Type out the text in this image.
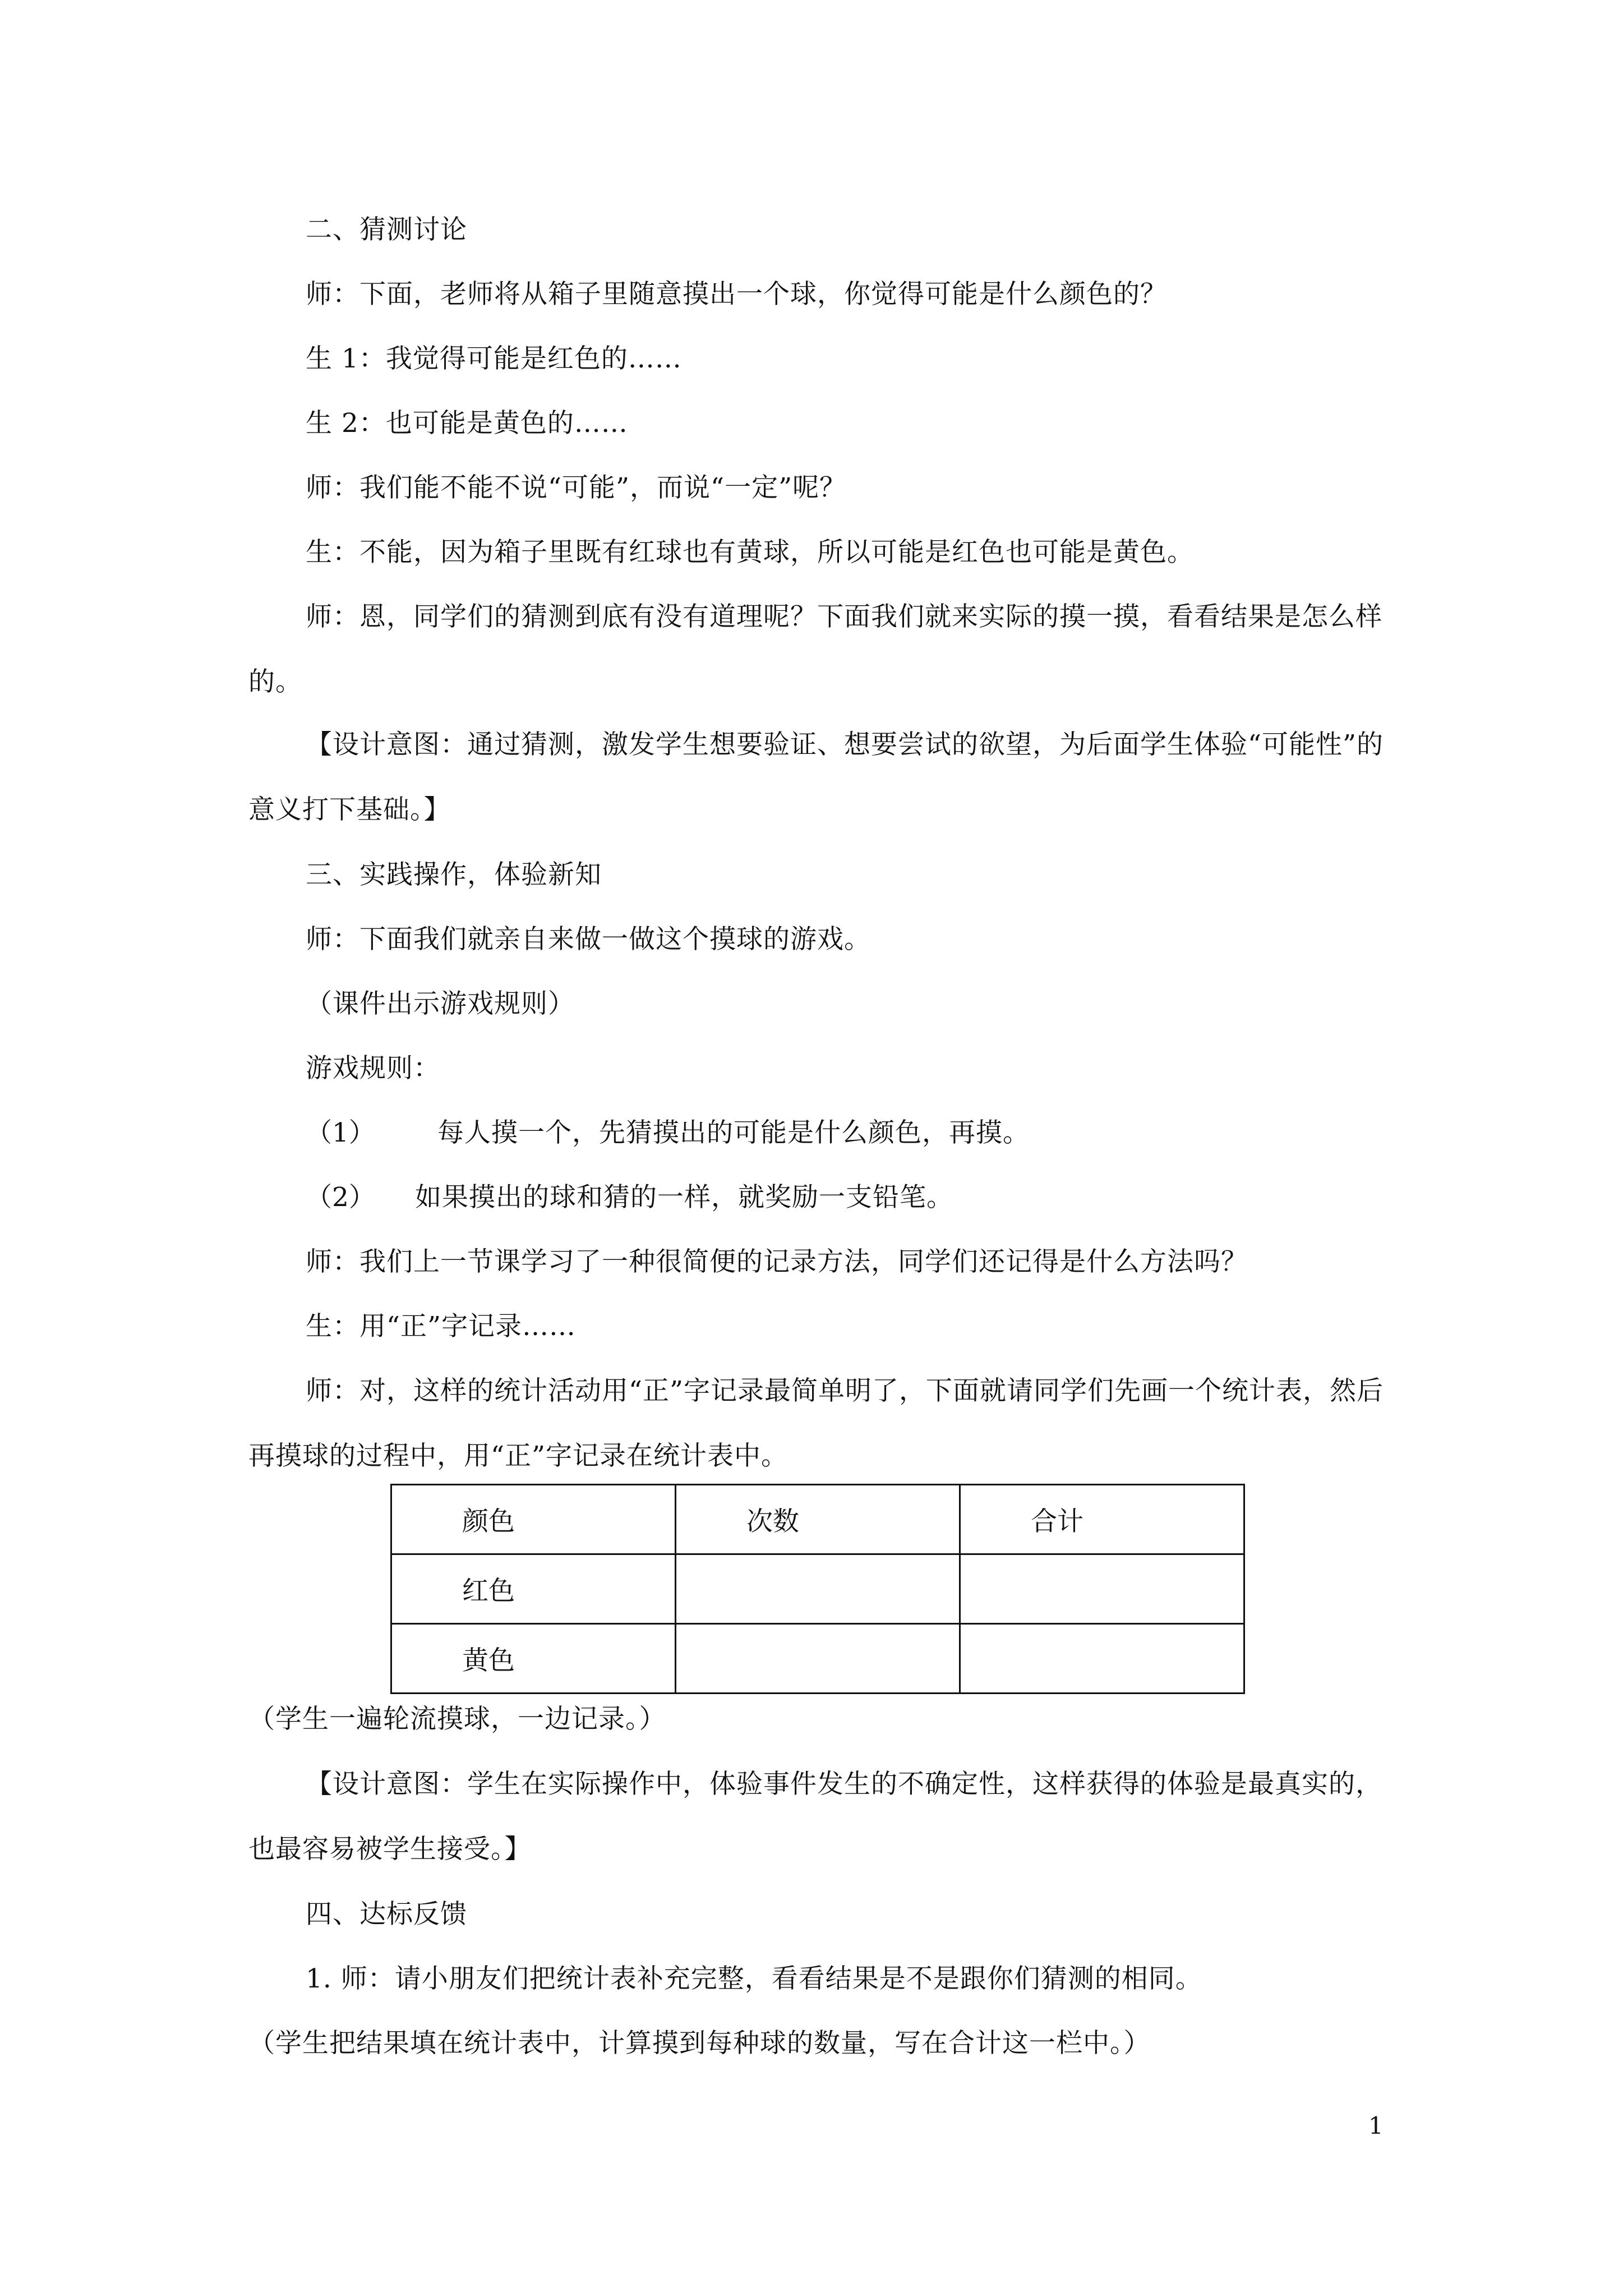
二、猜测讨论
师：下面，老师将从箱子里随意摸出一个球，你觉得可能是什么颜色的？
生 1：我觉得可能是红色的……
生 2：也可能是黄色的……
师：我们能不能不说“可能”，而说“一定”呢？
生：不能，因为箱子里既有红球也有黄球，所以可能是红色也可能是黄色。
师：恩，同学们的猜测到底有没有道理呢？下面我们就来实际的摸一摸，看看结果是怎么样的。
【设计意图：通过猜测，激发学生想要验证、想要尝试的欲望，为后面学生体验“可能性”的意义打下基础。】
三、实践操作，体验新知
师：下面我们就亲自来做一做这个摸球的游戏。
（课件出示游戏规则）
游戏规则：
（1） 每人摸一个，先猜摸出的可能是什么颜色，再摸。
（2） 如果摸出的球和猜的一样，就奖励一支铅笔。
师：我们上一节课学习了一种很简便的记录方法，同学们还记得是什么方法吗？
生：用“正”字记录……
师：对，这样的统计活动用“正”字记录最简单明了，下面就请同学们先画一个统计表，然后再摸球的过程中，用“正”字记录在统计表中。
颜色	次数	合计
红色		
黄色		
（学生一遍轮流摸球，一边记录。）
【设计意图：学生在实际操作中，体验事件发生的不确定性，这样获得的体验是最真实的，也最容易被学生接受。】
四、达标反馈
1. 师：请小朋友们把统计表补充完整，看看结果是不是跟你们猜测的相同。
（学生把结果填在统计表中，计算摸到每种球的数量，写在合计这一栏中。）
1
